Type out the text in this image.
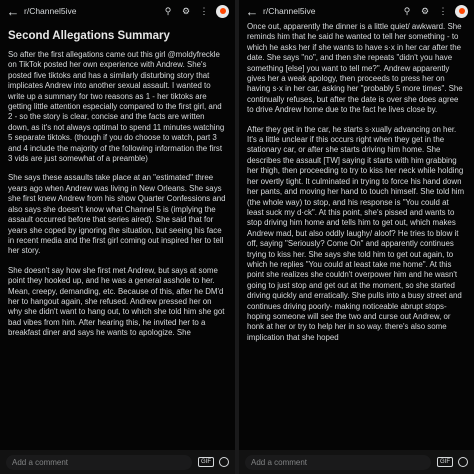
← r/Channel5ive	⚲	⚙ ⋮
Second Allegations Summary

So after the first allegations came out this girl @moldyfreckle on TikTok posted her own experience with Andrew. She's posted five tiktoks and has a similarly disturbing story that implicates Andrew into another sexual assault. I wanted to write up a summary for two reasons as 1 - her tiktoks are getting little attention especially compared to the first girl, and 2 - so the story is clear, concise and the facts are written down, as it's not always optimal to spend 11 minutes watching 5 separate tiktoks. (though if you do choose to watch, part 3 and 4 include the majority of the following information the first 3 vids are just somewhat of a preamble)

She says these assaults take place at an "estimated" three years ago when Andrew was living in New Orleans. She says she first knew Andrew from his show Quarter Confessions and also says she doesn't know what Channel 5 is (implying the assault occurred before that series aired). She said that for years she coped by ignoring the situation, but seeing his face in recent media and the first girl coming out inspired her to tell her story.

She doesn't say how she first met Andrew, but says at some point they hooked up, and he was a general asshole to her. Mean, creepy, demanding, etc. Because of this, after he DM'd her to hangout again, she refused. Andrew pressed her on why she didn't want to hang out, to which she told him she got bad vibes from him. After hearing this, he invited her to a breakfast diner and says he wants to apologize. She

Add a comment	GIF
← r/Channel5ive	⚲	⚙ ⋮

Once out, apparently the dinner is a little quiet/ awkward. She reminds him that he said he wanted to tell her something - to which he asks her if she wants to have s·x in her car after the date. She says "no", and then she repeats "didn't you have something [else] you want to tell me?". Andrew apparently gives her a weak apology, then proceeds to press her on having s·x in her car, asking her "probably 5 more times". She continually refuses, but after the date is over she does agree to drive Andrew home due to the fact he lives close by.

After they get in the car, he starts s·xually advancing on her. It's a little unclear if this occurs right when they get in the stationary car, or after she starts driving him home. She describes the assault [TW] saying it starts with him grabbing her thigh, then proceeding to try to kiss her neck while holding her overtly tight. It culminated in trying to force his hand down her pants, and moving her hand to touch himself. She told him (the whole way) to stop, and his response is "You could at least suck my d·ck". At this point, she's pissed and wants to stop driving him home and tells him to get out, which makes Andrew mad, but also oddly laughy/ aloof? He tries to blow it off, saying "Seriously? Come On" and apparently continues trying to kiss her. She says she told him to get out again, to which he replies "You could at least take me home". At this point she realizes she couldn't overpower him and he wasn't going to just stop and get out at the moment, so she started driving quickly and erratically. She pulls into a busy street and continues driving poorly- making noticeable abrupt stops- hoping someone will see the two and curse out Andrew, or honk at her or try to help her in so way. there's also some implication that she hoped

Add a comment	GIF
